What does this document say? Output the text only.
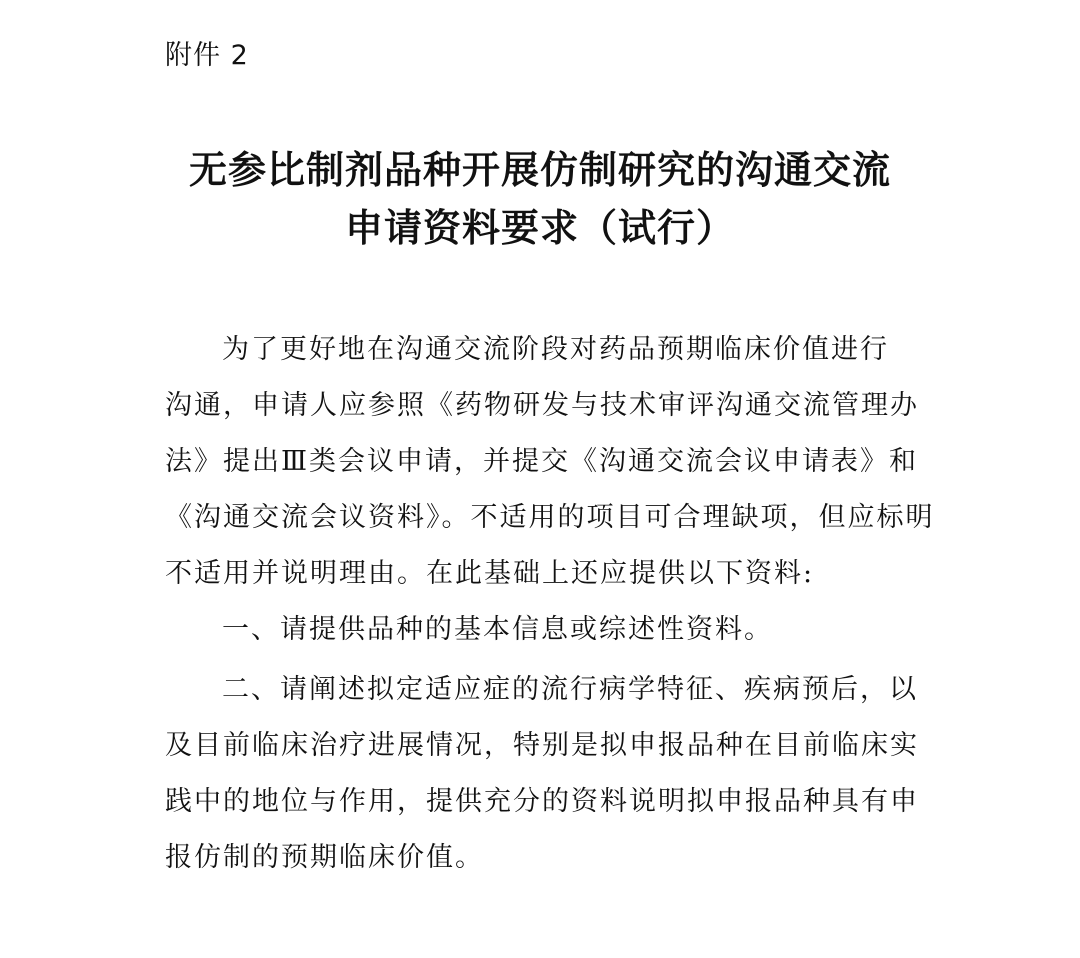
附件 2
无参比制剂品种开展仿制研究的沟通交流
申请资料要求（试行）
为了更好地在沟通交流阶段对药品预期临床价值进行
沟通，申请人应参照《药物研发与技术审评沟通交流管理办
法》提出Ⅲ类会议申请，并提交《沟通交流会议申请表》和
《沟通交流会议资料》。不适用的项目可合理缺项，但应标明
不适用并说明理由。在此基础上还应提供以下资料:
一、请提供品种的基本信息或综述性资料。
二、请阐述拟定适应症的流行病学特征、疾病预后，以
及目前临床治疗进展情况，特别是拟申报品种在目前临床实
践中的地位与作用，提供充分的资料说明拟申报品种具有申
报仿制的预期临床价值。
